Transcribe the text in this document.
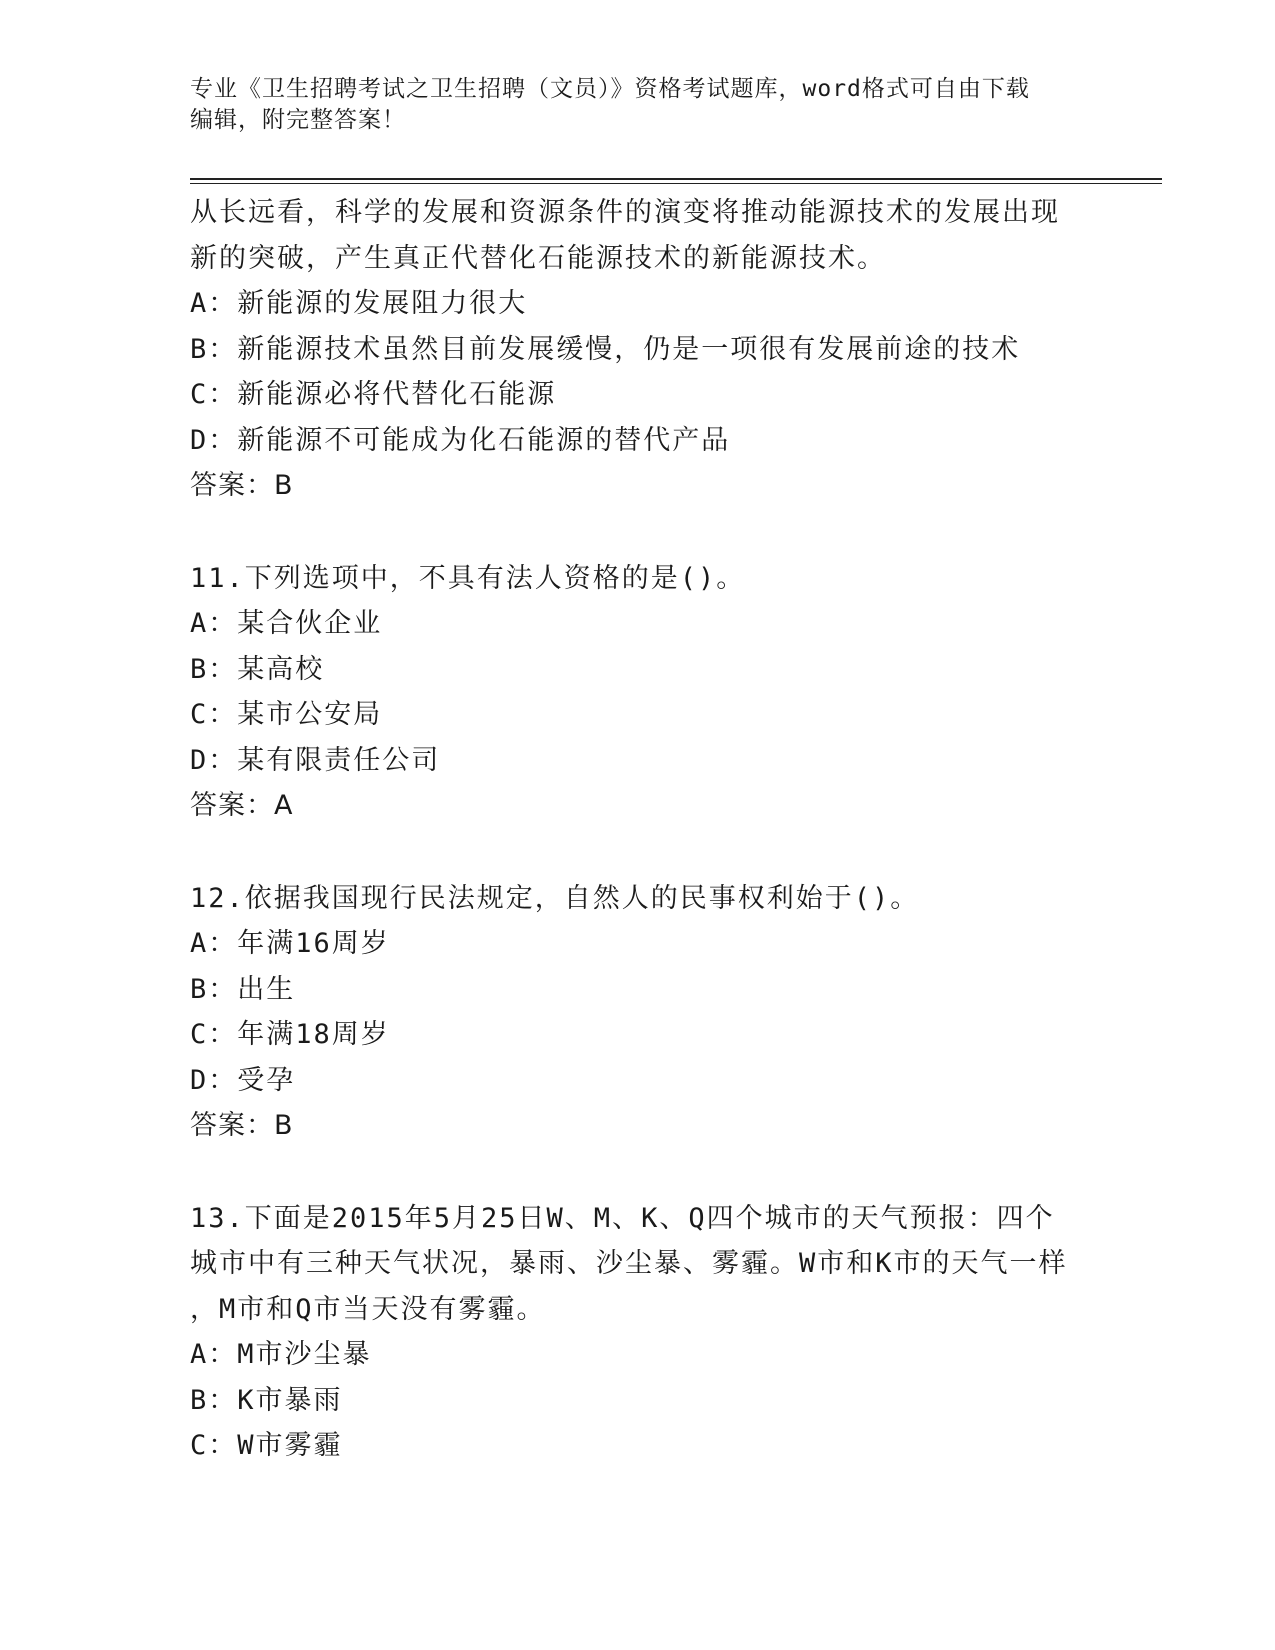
专业《卫生招聘考试之卫生招聘（文员）》资格考试题库，word格式可自由下载
编辑，附完整答案！
从长远看，科学的发展和资源条件的演变将推动能源技术的发展出现
新的突破，产生真正代替化石能源技术的新能源技术。
A：新能源的发展阻力很大
B：新能源技术虽然目前发展缓慢，仍是一项很有发展前途的技术
C：新能源必将代替化石能源
D：新能源不可能成为化石能源的替代产品
答案：B
11.下列选项中，不具有法人资格的是()。
A：某合伙企业
B：某高校
C：某市公安局
D：某有限责任公司
答案：A
12.依据我国现行民法规定，自然人的民事权利始于()。
A：年满16周岁
B：出生
C：年满18周岁
D：受孕
答案：B
13.下面是2015年5月25日W、M、K、Q四个城市的天气预报：四个
城市中有三种天气状况，暴雨、沙尘暴、雾霾。W市和K市的天气一样
，M市和Q市当天没有雾霾。
A：M市沙尘暴
B：K市暴雨
C：W市雾霾
